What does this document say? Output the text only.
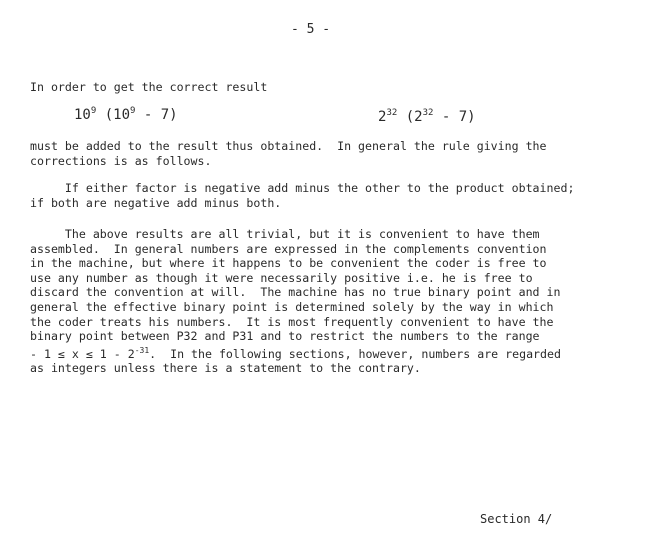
- 5 -
In order to get the correct result
$10^9$ $(10^9 - 7)$	$2^{32}$ $(2^{32} - 7)$
must be added to the result thus obtained.  In general the rule giving the
corrections is as follows.
If either factor is negative add minus the other to the product obtained;
if both are negative add minus both.
The above results are all trivial, but it is convenient to have them
assembled.  In general numbers are expressed in the complements convention
in the machine, but where it happens to be convenient the coder is free to
use any number as though it were necessarily positive i.e. he is free to
discard the convention at will.  The machine has no true binary point and in
general the effective binary point is determined solely by the way in which
the coder treats his numbers.  It is most frequently convenient to have the
binary point between P32 and P31 and to restrict the numbers to the range
- $1 \le x \le 1 - 2^{-31}$.  In the following sections, however, numbers are regarded
as integers unless there is a statement to the contrary.
Section 4/
